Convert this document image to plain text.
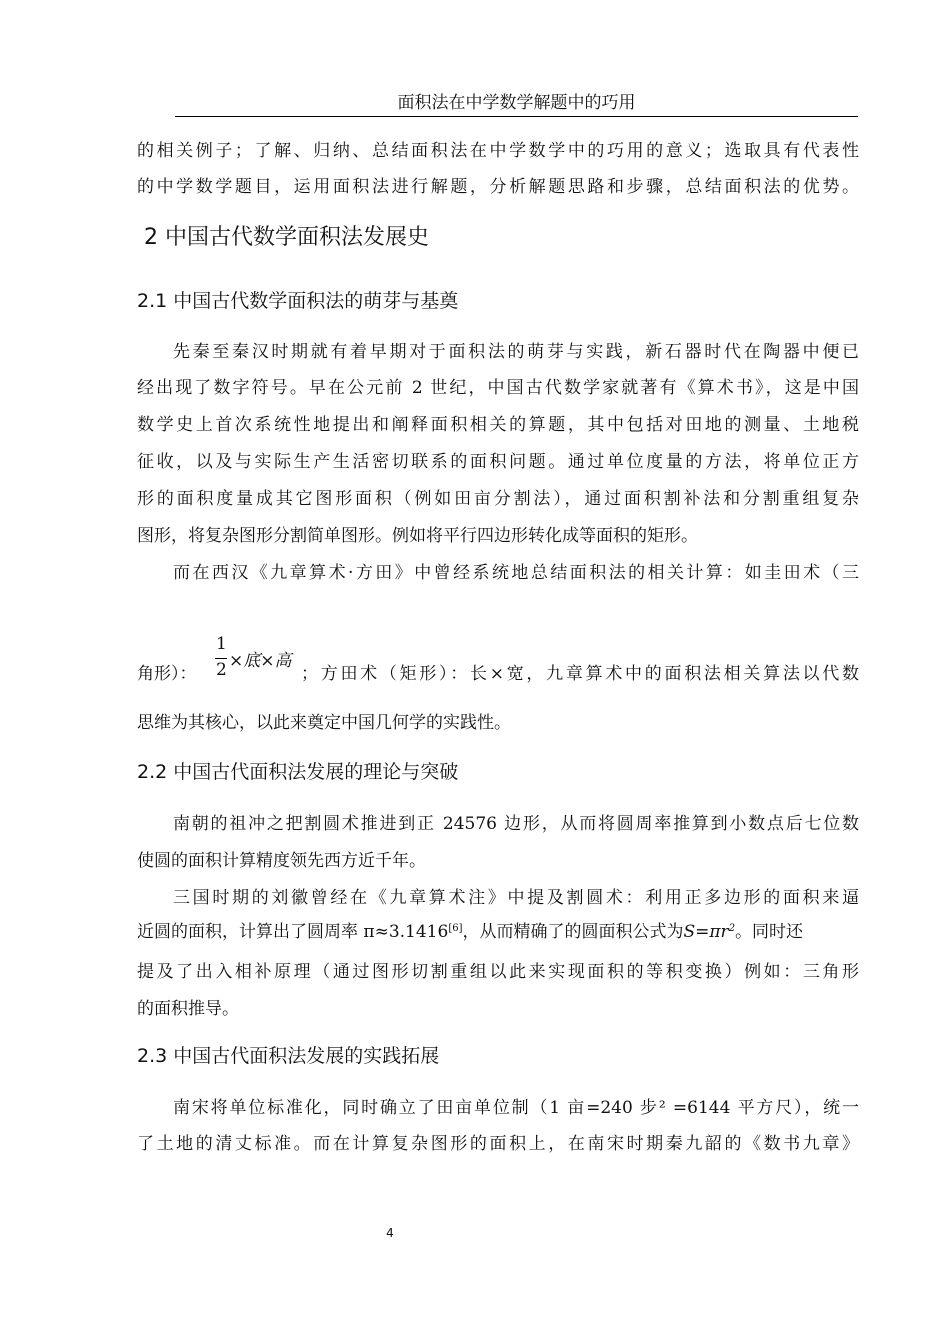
面积法在中学数学解题中的巧用
的相关例子；了解、归纳、总结面积法在中学数学中的巧用的意义；选取具有代表性
的中学数学题目，运用面积法进行解题，分析解题思路和步骤，总结面积法的优势。
2 中国古代数学面积法发展史
2.1 中国古代数学面积法的萌芽与基奠
先秦至秦汉时期就有着早期对于面积法的萌芽与实践，新石器时代在陶器中便已
经出现了数字符号。早在公元前 2 世纪，中国古代数学家就著有《算术书》，这是中国
数学史上首次系统性地提出和阐释面积相关的算题，其中包括对田地的测量、土地税
征收，以及与实际生产生活密切联系的面积问题。通过单位度量的方法，将单位正方
形的面积度量成其它图形面积（例如田亩分割法），通过面积割补法和分割重组复杂
图形，将复杂图形分割简单图形。例如将平行四边形转化成等面积的矩形。
而在西汉《九章算术·方田》中曾经系统地总结面积法的相关计算：如圭田术（三
角形）：
1
2 ×底×高
；方田术（矩形）：长×宽，九章算术中的面积法相关算法以代数
思维为其核心，以此来奠定中国几何学的实践性。
2.2 中国古代面积法发展的理论与突破
南朝的祖冲之把割圆术推进到正 24576 边形，从而将圆周率推算到小数点后七位数
使圆的面积计算精度领先西方近千年。
三国时期的刘徽曾经在《九章算术注》中提及割圆术：利用正多边形的面积来逼
近圆的面积，计算出了圆周率 π≈3.1416[6]，从而精确了的圆面积公式为$S=\pi r^2$。同时还
提及了出入相补原理（通过图形切割重组以此来实现面积的等积变换）例如：三角形
的面积推导。
2.3 中国古代面积法发展的实践拓展
南宋将单位标准化，同时确立了田亩单位制（1 亩=240 步² =6144 平方尺），统一
了土地的清丈标准。而在计算复杂图形的面积上，在南宋时期秦九韶的《数书九章》
4
